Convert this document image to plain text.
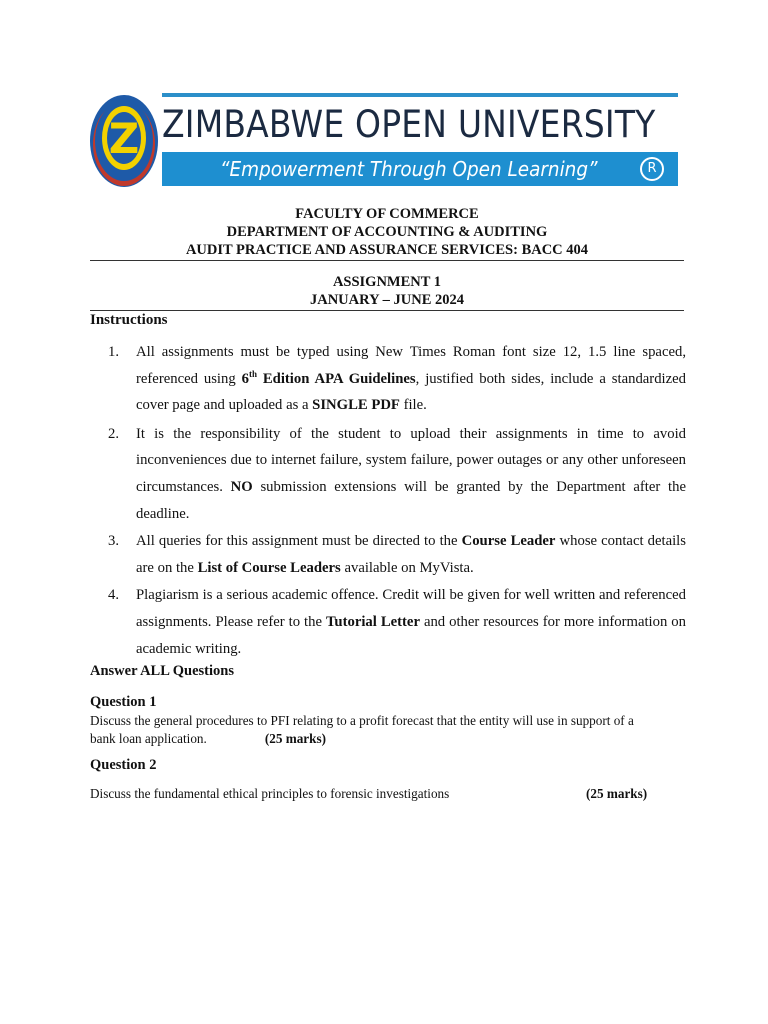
Z ZIMBABWE OPEN UNIVERSITY
“Empowerment Through Open Learning”	R
FACULTY OF COMMERCE
DEPARTMENT OF ACCOUNTING & AUDITING
AUDIT PRACTICE AND ASSURANCE SERVICES: BACC 404
ASSIGNMENT 1
JANUARY – JUNE 2024
Instructions
1. All assignments must be typed using New Times Roman font size 12, 1.5 line spaced, referenced using 6th Edition APA Guidelines, justified both sides, include a standardized cover page and uploaded as a SINGLE PDF file.
2. It is the responsibility of the student to upload their assignments in time to avoid inconveniences due to internet failure, system failure, power outages or any other unforeseen circumstances. NO submission extensions will be granted by the Department after the deadline.
3. All queries for this assignment must be directed to the Course Leader whose contact details are on the List of Course Leaders available on MyVista.
4. Plagiarism is a serious academic offence. Credit will be given for well written and referenced assignments. Please refer to the Tutorial Letter and other resources for more information on academic writing.
Answer ALL Questions
Question 1
Discuss the general procedures to PFI relating to a profit forecast that the entity will use in support of a
bank loan application.	(25 marks)
Question 2
Discuss the fundamental ethical principles to forensic investigations	(25 marks)
